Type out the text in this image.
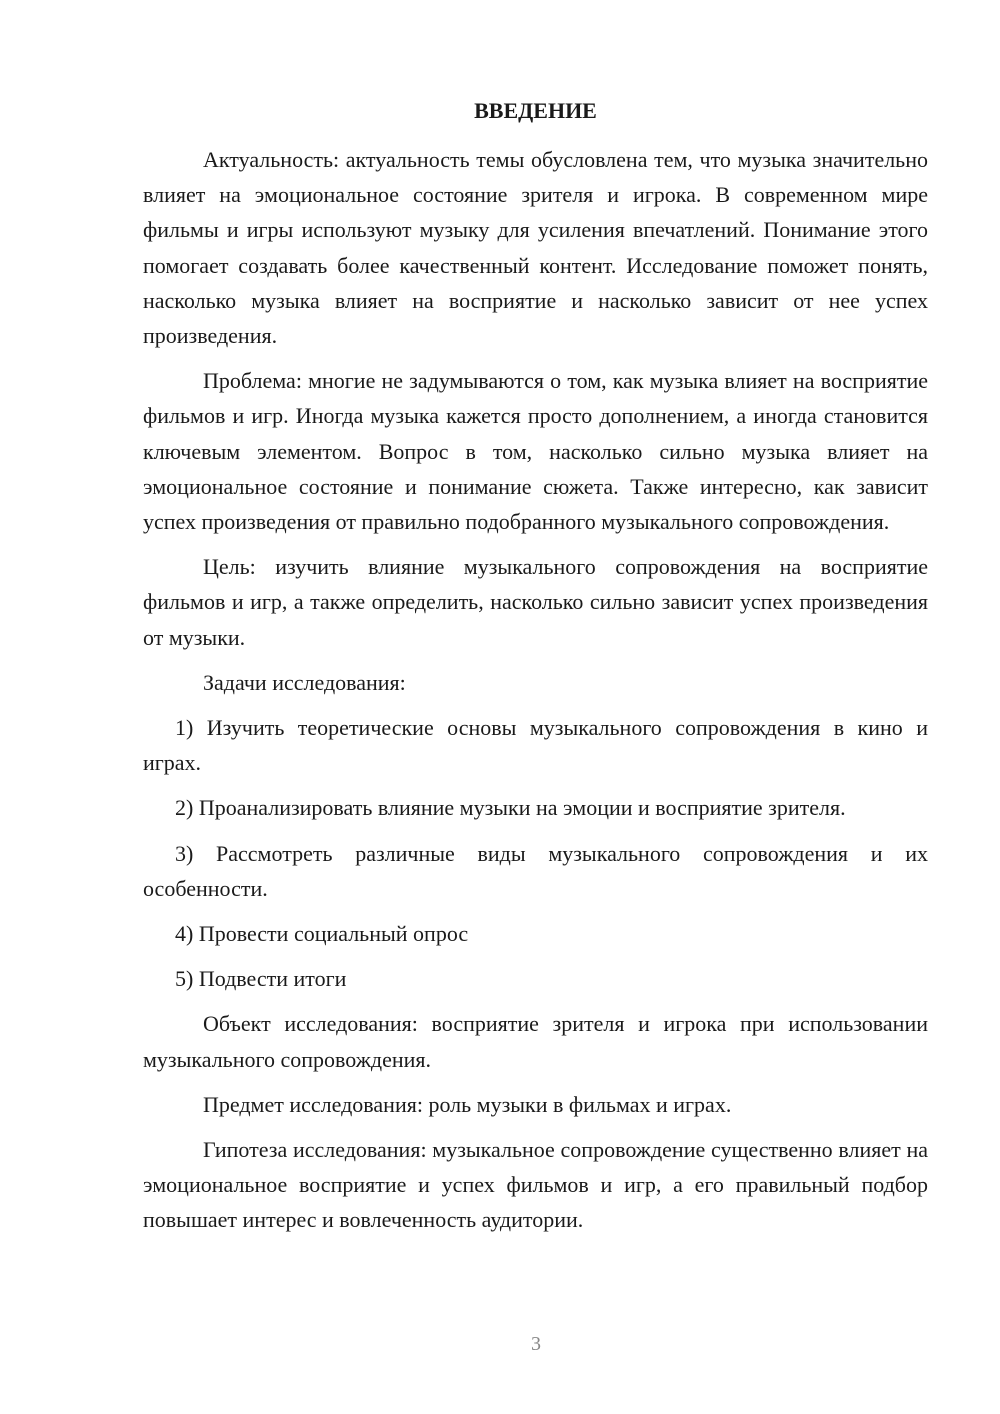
ВВЕДЕНИЕ

Актуальность: актуальность темы обусловлена тем, что музыка значительно влияет на эмоциональное состояние зрителя и игрока. В современном мире фильмы и игры используют музыку для усиления впечатлений. Понимание этого помогает создавать более качественный контент. Исследование поможет понять, насколько музыка влияет на восприятие и насколько зависит от нее успех произведения.

Проблема: многие не задумываются о том, как музыка влияет на восприятие фильмов и игр. Иногда музыка кажется просто дополнением, а иногда становится ключевым элементом. Вопрос в том, насколько сильно музыка влияет на эмоциональное состояние и понимание сюжета. Также интересно, как зависит успех произведения от правильно подобранного музыкального сопровождения.

Цель: изучить влияние музыкального сопровождения на восприятие фильмов и игр, а также определить, насколько сильно зависит успех произведения от музыки.

Задачи исследования:

1) Изучить теоретические основы музыкального сопровождения в кино и играх.

2) Проанализировать влияние музыки на эмоции и восприятие зрителя.

3) Рассмотреть различные виды музыкального сопровождения и их особенности.

4) Провести социальный опрос

5) Подвести итоги

Объект исследования: восприятие зрителя и игрока при использовании музыкального сопровождения.

Предмет исследования: роль музыки в фильмах и играх.

Гипотеза исследования: музыкальное сопровождение существенно влияет на эмоциональное восприятие и успех фильмов и игр, а его правильный подбор повышает интерес и вовлеченность аудитории.

3
